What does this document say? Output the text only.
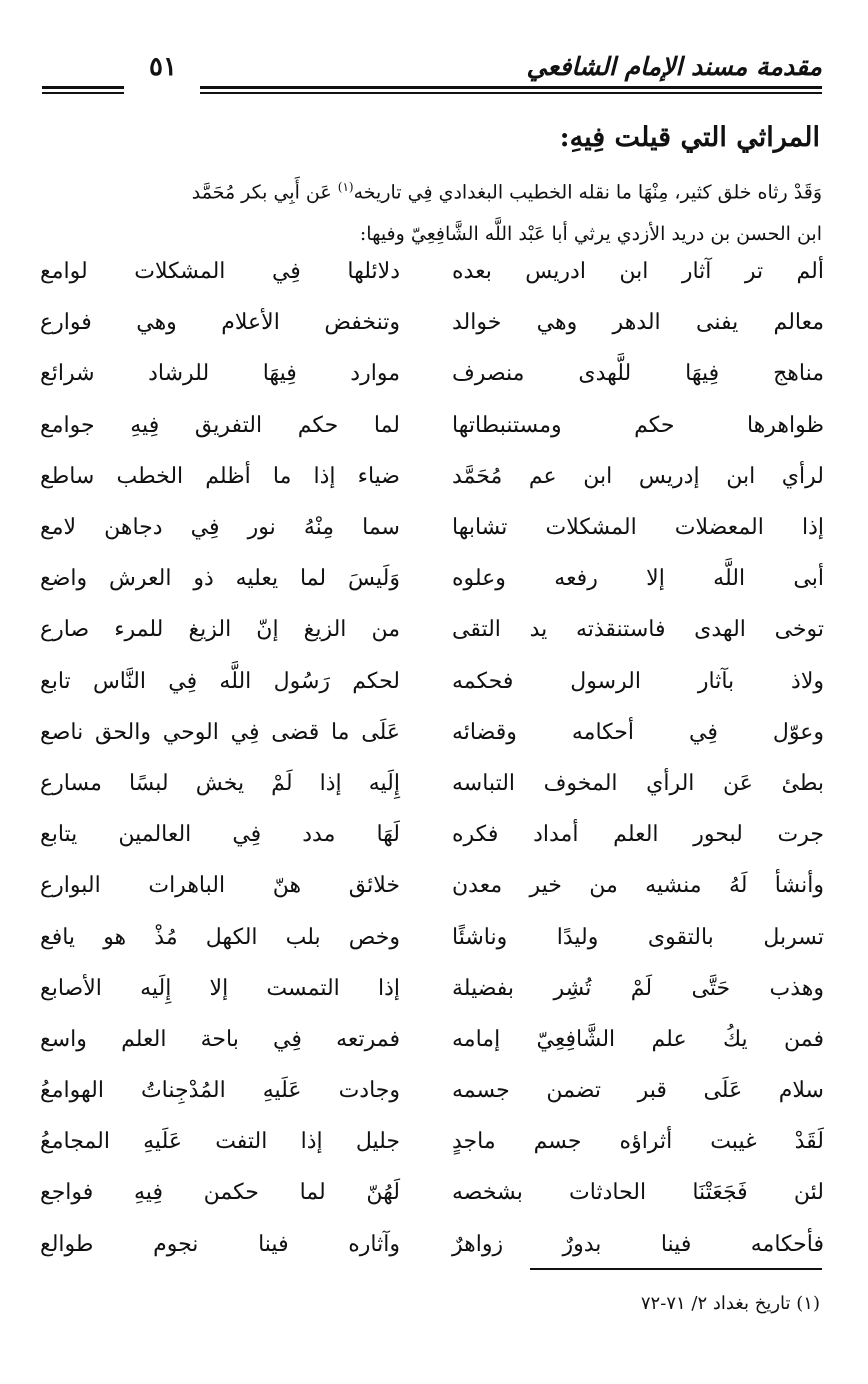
٥١	مقدمة مسند الإمام الشافعي
المراثي التي قيلت فِيهِ:
وَقَدْ رثاه خلق كثير، مِنْهَا ما نقله الخطيب البغدادي فِي تاريخه$^{(١)}$ عَن أَبِي بكر مُحَمَّد
ابن الحسن بن دريد الأزدي يرثي أبا عَبْد اللَّه الشَّافِعِيّ وفيها:
ألم تر آثار ابن ادريس بعده
دلائلها فِي المشكلات لوامع
معالم يفنى الدهر وهي خوالد
وتنخفض الأعلام وهي فوارع
مناهج فِيهَا للَّهدى منصرف
موارد فِيهَا للرشاد شرائع
ظواهرها حكم ومستنبطاتها
لما حكم التفريق فِيهِ جوامع
لرأي ابن إدريس ابن عم مُحَمَّد
ضياء إذا ما أظلم الخطب ساطع
إذا المعضلات المشكلات تشابها
سما مِنْهُ نور فِي دجاهن لامع
أبى اللَّه إلا رفعه وعلوه
وَلَيسَ لما يعليه ذو العرش واضع
توخى الهدى فاستنقذته يد التقى
من الزيغ إنّ الزيغ للمرء صارع
ولاذ بآثار الرسول فحكمه
لحكم رَسُول اللَّه فِي النَّاس تابع
وعوّل فِي أحكامه وقضائه
عَلَى ما قضى فِي الوحي والحق ناصع
بطئ عَن الرأي المخوف التباسه
إِلَيه إذا لَمْ يخش لبسًا مسارع
جرت لبحور العلم أمداد فكره
لَهَا مدد فِي العالمين يتابع
وأنشأ لَهُ منشيه من خير معدن
خلائق هنّ الباهرات البوارع
تسربل بالتقوى وليدًا وناشئًا
وخص بلب الكهل مُذْ هو يافع
وهذب حَتَّى لَمْ تُشِر بفضيلة
إذا التمست إلا إِلَيه الأصابع
فمن يكُ علم الشَّافِعِيّ إمامه
فمرتعه فِي باحة العلم واسع
سلام عَلَى قبر تضمن جسمه
وجادت عَلَيهِ المُدْجِناتُ الهوامعُ
لَقَدْ غيبت أثراؤه جسم ماجدٍ
جليل إذا التفت عَلَيهِ المجامعُ
لئن فَجَعَتْنَا الحادثات بشخصه
لَهُنّ لما حكمن فِيهِ فواجع
فأحكامه فينا بدورٌ زواهرٌ
وآثاره فينا نجوم طوالع
(١) تاريخ بغداد ٢/ ٧١-٧٢
